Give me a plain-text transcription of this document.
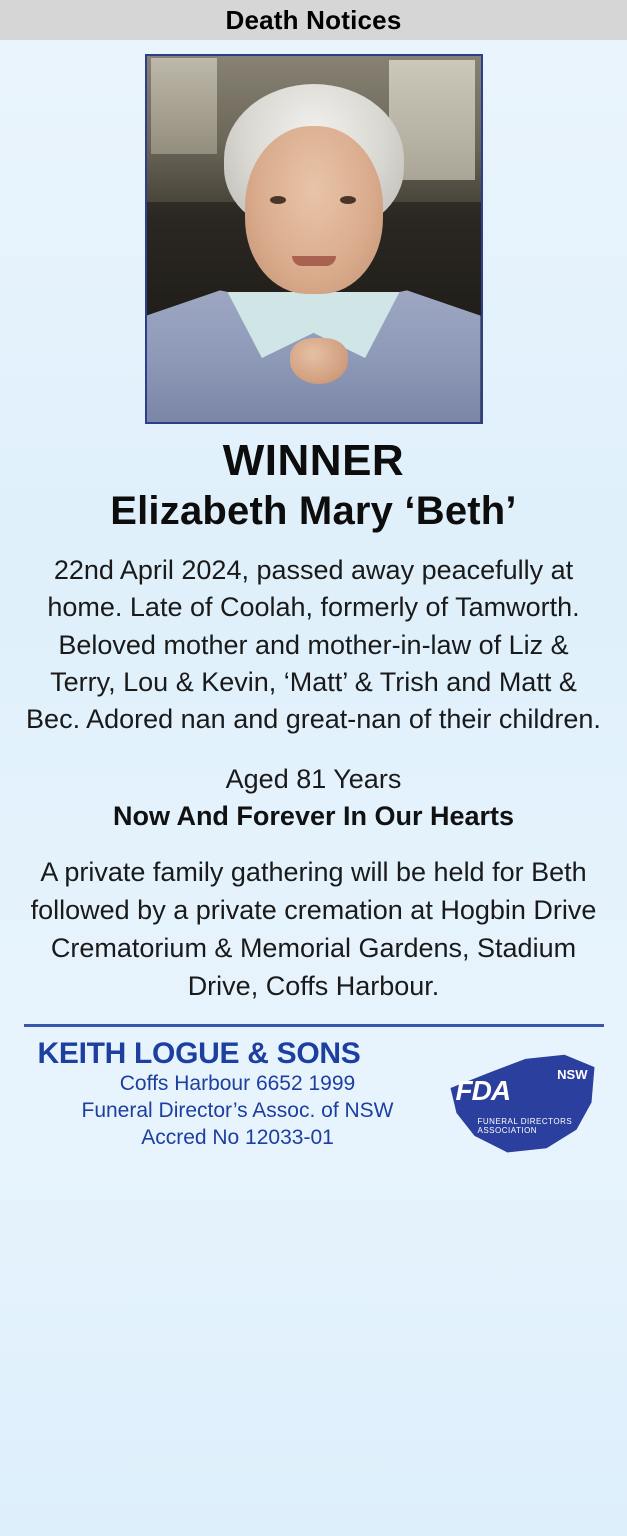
Death Notices
WINNER
Elizabeth Mary ‘Beth’
22nd April 2024, passed away peacefully at home. Late of Coolah, formerly of Tamworth. Beloved mother and mother-in-law of Liz & Terry, Lou & Kevin, ‘Matt’ & Trish and Matt & Bec. Adored nan and great-nan of their children.
Aged 81 Years
Now And Forever In Our Hearts
A private family gathering will be held for Beth followed by a private cremation at Hogbin Drive Crematorium & Memorial Gardens, Stadium Drive, Coffs Harbour.
KEITH LOGUE & SONS
Coffs Harbour 6652 1999
Funeral Director’s Assoc. of NSW
Accred No 12033-01
FDA
NSW
FUNERAL DIRECTORS ASSOCIATION
